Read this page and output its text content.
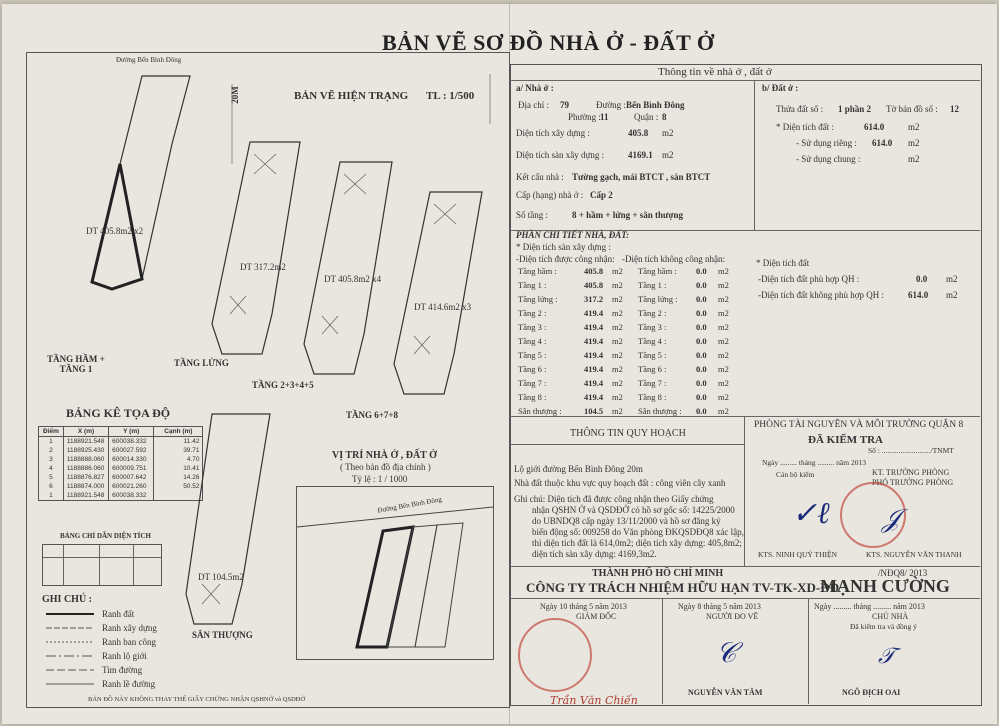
BẢN VẼ SƠ ĐỒ NHÀ Ở - ĐẤT Ở
BẢN VẼ HIỆN TRẠNG TL : 1/500
Đường Bến Bình Đông
20M
DT 405.8m2 x2
DT 317.2m2
DT 405.8m2 x4
DT 414.6m2 x3
TẦNG HẦM + TẦNG 1
TẦNG LỬNG
TẦNG 2+3+4+5
TẦNG 6+7+8
BẢNG KÊ TỌA ĐỘ
Điểm	X (m)	Y (m)	Cạnh (m)
1	1188921.548	600038.332	11.42
2	1188925.430	600027.592	39.71
3	1188888.060	600014.330	4.70
4	1188886.060	600009.751	10.41
5	1188876.827	600007.642	14.26
6	1188874.000	600021.260	50.52
1	1188921.548	600038.332	
BẢNG CHỈ DẪN DIỆN TÍCH
GHI CHÚ :
Ranh đất
Ranh xây dựng
Ranh ban công
Ranh lộ giới
Tim đường
Ranh lề đường
BẢN ĐỒ NÀY KHÔNG THAY THẾ GIẤY CHỨNG NHẬN QSHNỞ và QSDĐỞ
DT 104.5m2
SÂN THƯỢNG
VỊ TRÍ NHÀ Ở , ĐẤT Ở
( Theo bản đồ địa chính )
Tỷ lệ : 1 / 1000
Đường Bến Bình Đông
Thông tin về nhà ở , đất ở
a/ Nhà ở :	b/ Đất ở :
Địa chỉ : 79	Đường : Bến Bình Đông
Phường : 11	Quận : 8
Diện tích xây dựng :	405.8 m2
Diện tích sàn xây dựng :	4169.1 m2
Kết cấu nhà : Tường gạch, mái BTCT , sàn BTCT
Cấp (hạng) nhà ở : Cấp 2
Số tầng :	8 + hầm + lửng + sân thượng
Thửa đất số : 1 phần 2 Tờ bản đồ số : 12
* Diện tích đất :	614.0	m2
- Sử dụng riêng : 614.0 m2
- Sử dụng chung :	m2
PHẦN CHI TIẾT NHÀ, ĐẤT:
* Diện tích sàn xây dựng :
-Diện tích được công nhận: -Diện tích không công nhận:
Tầng hầm :	405.8 m2 Tầng hầm : 0.0 m2
Tầng 1 :	405.8 m2 Tầng 1 :	0.0 m2
Tầng lửng :	317.2 m2 Tầng lửng : 0.0 m2
Tầng 2 :	419.4 m2 Tầng 2 :	0.0 m2
Tầng 3 :	419.4 m2 Tầng 3 :	0.0 m2
Tầng 4 :	419.4 m2 Tầng 4 :	0.0 m2
Tầng 5 :	419.4 m2 Tầng 5 :	0.0 m2
Tầng 6 :	419.4 m2 Tầng 6 :	0.0 m2
Tầng 7 :	419.4 m2 Tầng 7 :	0.0 m2
Tầng 8 :	419.4 m2 Tầng 8 :	0.0 m2
Sân thượng :	104.5 m2 Sân thượng : 0.0 m2
* Diện tích đất
-Diện tích đất phù hợp QH :	0.0 m2
-Diện tích đất không phù hợp QH :	614.0 m2
THÔNG TIN QUY HOẠCH
Lộ giới đường Bến Bình Đông 20m
Nhà đất thuộc khu vực quy hoạch đất : công viên cây xanh
Ghi chú: Diện tích đã được công nhận theo Giấy chứng
nhận QSHN Ở và QSDĐỞ có hồ sơ gốc số: 14225/2000
do UBNDQ8 cấp ngày 13/11/2000 và hồ sơ đăng ký
biến động số: 009258 do Văn phòng ĐKQSDĐQ8 xác lập,
thì diện tích đất là 614,0m2; diện tích xây dựng: 405,8m2;
diện tích sàn xây dựng: 4169,3m2.
PHÒNG TÀI NGUYÊN VÀ MÔI TRƯỜNG QUẬN 8
ĐÃ KIỂM TRA
Số : ........................../TNMT
Ngày ......... tháng ......... năm 2013
Cán bộ kiểm	KT. TRƯỞNG PHÒNG
PHÓ TRƯỞNG PHÒNG
✓ℓ 𝒥
KTS. NINH QUÝ THIỆN	KTS. NGUYỄN VĂN THANH
THÀNH PHỐ HỒ CHÍ MINH	/NĐQ8/ 2013
CÔNG TY TRÁCH NHIỆM HỮU HẠN TV-TK-XD-ĐĐ
MẠNH CƯỜNG
Ngày 10 tháng 5 năm 2013
GIÁM ĐỐC
Trần Văn Chiến
Ngày 8 tháng 5 năm 2013
NGƯỜI ĐO VẼ
𝒞
NGUYỄN VĂN TÂM
Ngày ......... tháng ......... năm 2013
CHỦ NHÀ
Đã kiểm tra và đồng ý
𝒯
NGÔ ĐỊCH OAI
